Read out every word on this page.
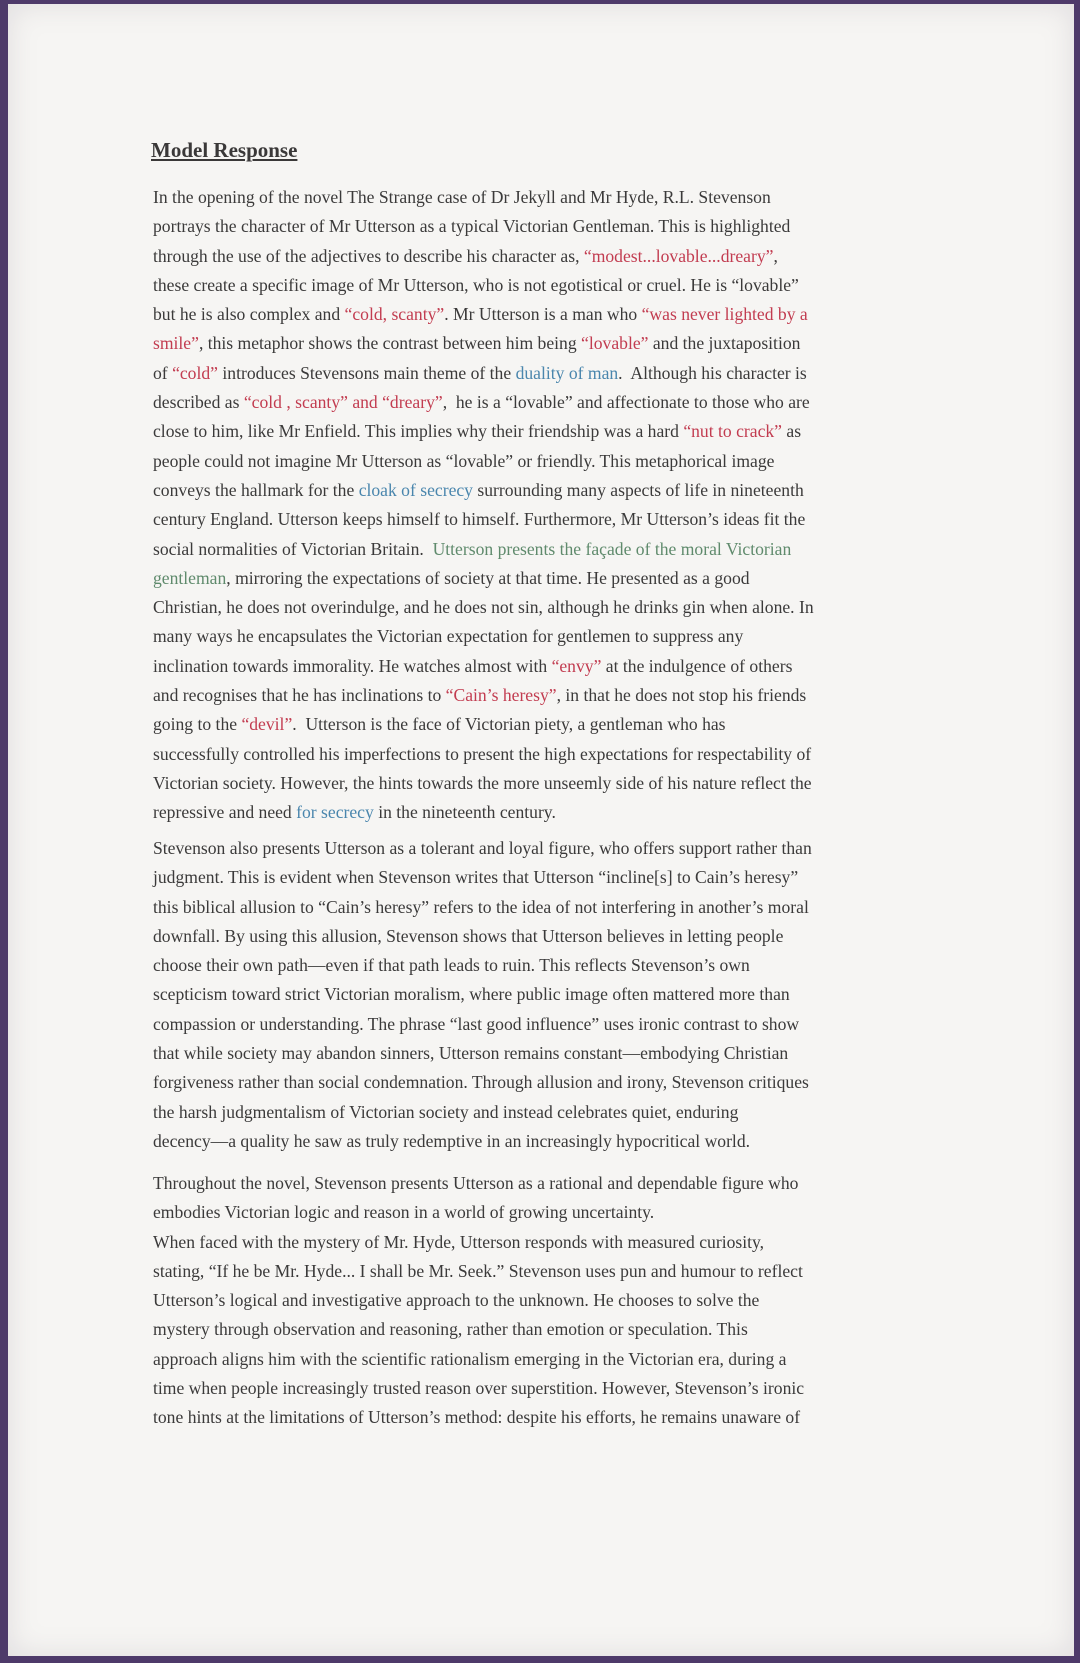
Model Response
In the opening of the novel The Strange case of Dr Jekyll and Mr Hyde, R.L. Stevenson
portrays the character of Mr Utterson as a typical Victorian Gentleman. This is highlighted
through the use of the adjectives to describe his character as, “modest...lovable...dreary”,
these create a specific image of Mr Utterson, who is not egotistical or cruel. He is “lovable”
but he is also complex and “cold, scanty”. Mr Utterson is a man who “was never lighted by a
smile”, this metaphor shows the contrast between him being “lovable” and the juxtaposition
of “cold” introduces Stevensons main theme of the duality of man.  Although his character is
described as “cold , scanty” and “dreary”,  he is a “lovable” and affectionate to those who are
close to him, like Mr Enfield. This implies why their friendship was a hard “nut to crack” as
people could not imagine Mr Utterson as “lovable” or friendly. This metaphorical image
conveys the hallmark for the cloak of secrecy surrounding many aspects of life in nineteenth
century England. Utterson keeps himself to himself. Furthermore, Mr Utterson’s ideas fit the
social normalities of Victorian Britain.  Utterson presents the façade of the moral Victorian
gentleman, mirroring the expectations of society at that time. He presented as a good
Christian, he does not overindulge, and he does not sin, although he drinks gin when alone. In
many ways he encapsulates the Victorian expectation for gentlemen to suppress any
inclination towards immorality. He watches almost with “envy” at the indulgence of others
and recognises that he has inclinations to “Cain’s heresy”, in that he does not stop his friends
going to the “devil”.  Utterson is the face of Victorian piety, a gentleman who has
successfully controlled his imperfections to present the high expectations for respectability of
Victorian society. However, the hints towards the more unseemly side of his nature reflect the
repressive and need for secrecy in the nineteenth century.
Stevenson also presents Utterson as a tolerant and loyal figure, who offers support rather than
judgment. This is evident when Stevenson writes that Utterson “incline[s] to Cain’s heresy”
this biblical allusion to “Cain’s heresy” refers to the idea of not interfering in another’s moral
downfall. By using this allusion, Stevenson shows that Utterson believes in letting people
choose their own path—even if that path leads to ruin. This reflects Stevenson’s own
scepticism toward strict Victorian moralism, where public image often mattered more than
compassion or understanding. The phrase “last good influence” uses ironic contrast to show
that while society may abandon sinners, Utterson remains constant—embodying Christian
forgiveness rather than social condemnation. Through allusion and irony, Stevenson critiques
the harsh judgmentalism of Victorian society and instead celebrates quiet, enduring
decency—a quality he saw as truly redemptive in an increasingly hypocritical world.
Throughout the novel, Stevenson presents Utterson as a rational and dependable figure who
embodies Victorian logic and reason in a world of growing uncertainty.
When faced with the mystery of Mr. Hyde, Utterson responds with measured curiosity,
stating, “If he be Mr. Hyde... I shall be Mr. Seek.” Stevenson uses pun and humour to reflect
Utterson’s logical and investigative approach to the unknown. He chooses to solve the
mystery through observation and reasoning, rather than emotion or speculation. This
approach aligns him with the scientific rationalism emerging in the Victorian era, during a
time when people increasingly trusted reason over superstition. However, Stevenson’s ironic
tone hints at the limitations of Utterson’s method: despite his efforts, he remains unaware of
